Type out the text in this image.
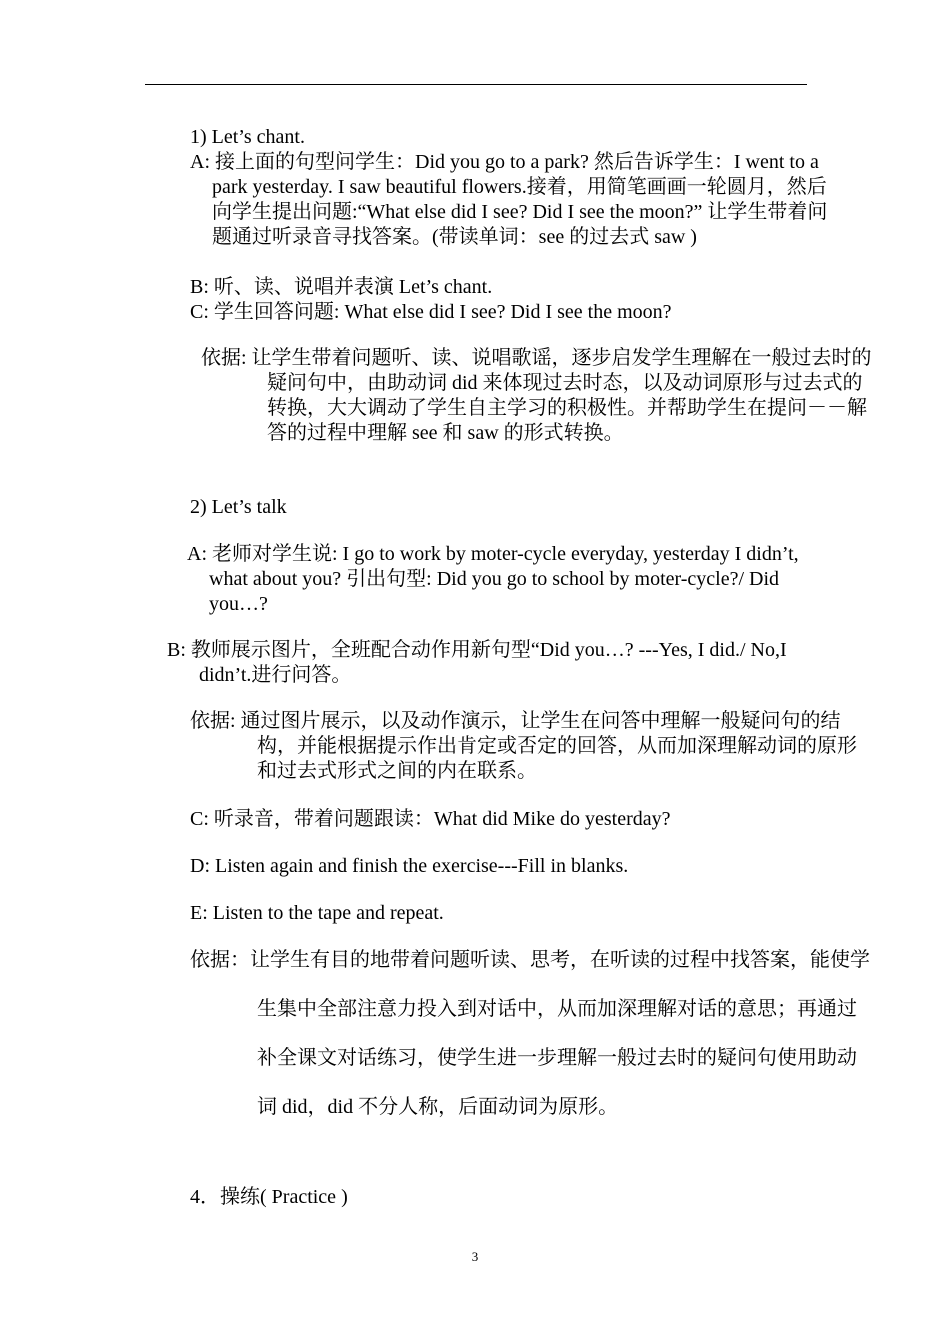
1) Let’s chant.

A: 接上面的句型问学生：Did you go to a park? 然后告诉学生：I went to a park yesterday. I saw beautiful flowers.接着，用简笔画画一轮圆月，然后向学生提出问题:“What else did I see? Did I see the moon?” 让学生带着问题通过听录音寻找答案。(带读单词：see 的过去式 saw )

B: 听、读、说唱并表演 Let’s chant.

C: 学生回答问题: What else did I see? Did I see the moon?

依据: 让学生带着问题听、读、说唱歌谣，逐步启发学生理解在一般过去时的疑问句中，由助动词 did 来体现过去时态，以及动词原形与过去式的转换，大大调动了学生自主学习的积极性。并帮助学生在提问－－解答的过程中理解 see 和 saw 的形式转换。

2) Let’s talk

A: 老师对学生说: I go to work by moter-cycle everyday, yesterday I didn’t, what about you? 引出句型: Did you go to school by moter-cycle?/ Did you…?

B: 教师展示图片，全班配合动作用新句型“Did you…? ---Yes, I did./ No,I didn’t.进行问答。

依据: 通过图片展示，以及动作演示，让学生在问答中理解一般疑问句的结构，并能根据提示作出肯定或否定的回答，从而加深理解动词的原形和过去式形式之间的内在联系。

C: 听录音，带着问题跟读：What did Mike do yesterday?

D: Listen again and finish the exercise---Fill in blanks.

E: Listen to the tape and repeat.

依据：让学生有目的地带着问题听读、思考，在听读的过程中找答案，能使学生集中全部注意力投入到对话中，从而加深理解对话的意思；再通过补全课文对话练习，使学生进一步理解一般过去时的疑问句使用助动词 did，did 不分人称，后面动词为原形。

4．操练( Practice )

3
